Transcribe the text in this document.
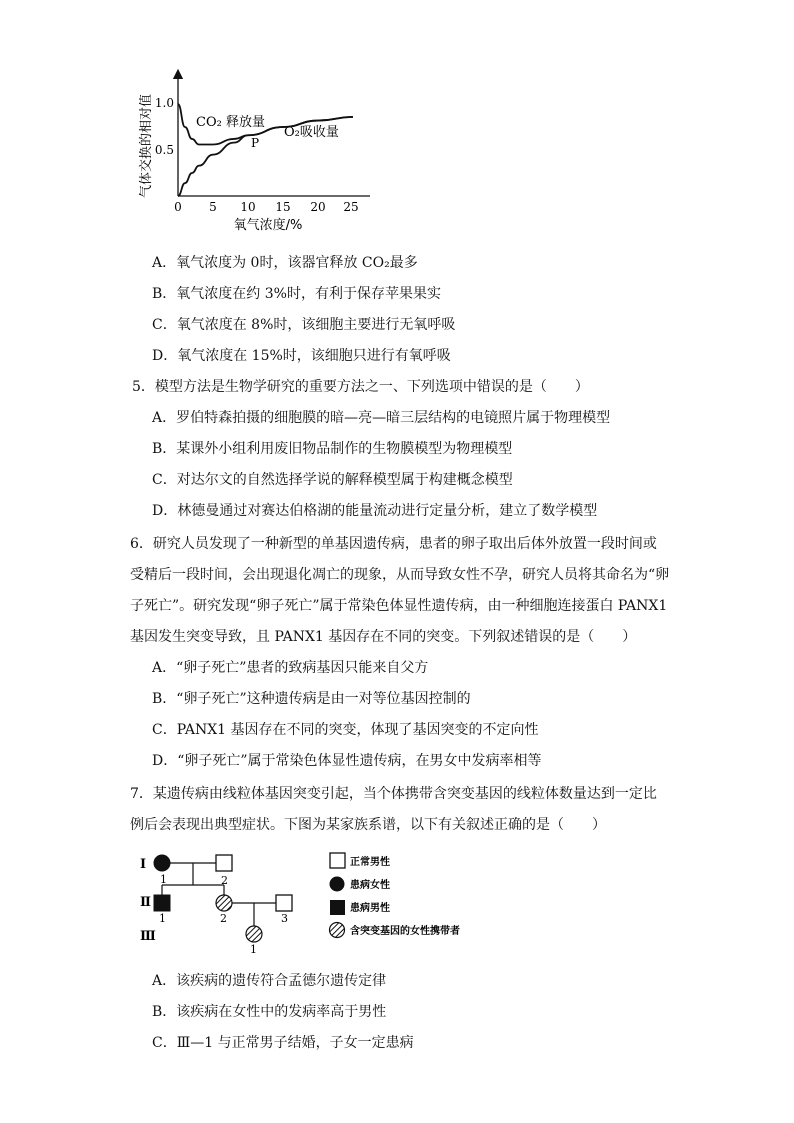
气体交换的相对值 1.0
0.5
0 5 10 15 20 25
氧气浓度/%
CO₂ 释放量
O₂吸收量
P
A．氧气浓度为 0时，该器官释放 CO₂最多
B．氧气浓度在约 3%时，有利于保存苹果果实
C．氧气浓度在 8%时，该细胞主要进行无氧呼吸
D．氧气浓度在 15%时，该细胞只进行有氧呼吸
5．模型方法是生物学研究的重要方法之一、下列选项中错误的是（　　）
A．罗伯特森拍摄的细胞膜的暗—亮—暗三层结构的电镜照片属于物理模型
B．某课外小组利用废旧物品制作的生物膜模型为物理模型
C．对达尔文的自然选择学说的解释模型属于构建概念模型
D．林德曼通过对赛达伯格湖的能量流动进行定量分析，建立了数学模型
6．研究人员发现了一种新型的单基因遗传病，患者的卵子取出后体外放置一段时间或
受精后一段时间，会出现退化凋亡的现象，从而导致女性不孕，研究人员将其命名为“卵
子死亡”。研究发现“卵子死亡”属于常染色体显性遗传病，由一种细胞连接蛋白 PANX1
基因发生突变导致，且 PANX1 基因存在不同的突变。下列叙述错误的是（　　）
A．“卵子死亡”患者的致病基因只能来自父方
B．“卵子死亡”这种遗传病是由一对等位基因控制的
C．PANX1 基因存在不同的突变，体现了基因突变的不定向性
D．“卵子死亡”属于常染色体显性遗传病，在男女中发病率相等
7．某遗传病由线粒体基因突变引起，当个体携带含突变基因的线粒体数量达到一定比
例后会表现出典型症状。下图为某家族系谱，以下有关叙述正确的是（　　）
Ⅰ
Ⅱ
Ⅲ
1	2
1	2	3
1
正常男性
患病女性
患病男性
含突变基因的女性携带者
A．该疾病的遗传符合孟德尔遗传定律
B．该疾病在女性中的发病率高于男性
C．Ⅲ—1 与正常男子结婚，子女一定患病
